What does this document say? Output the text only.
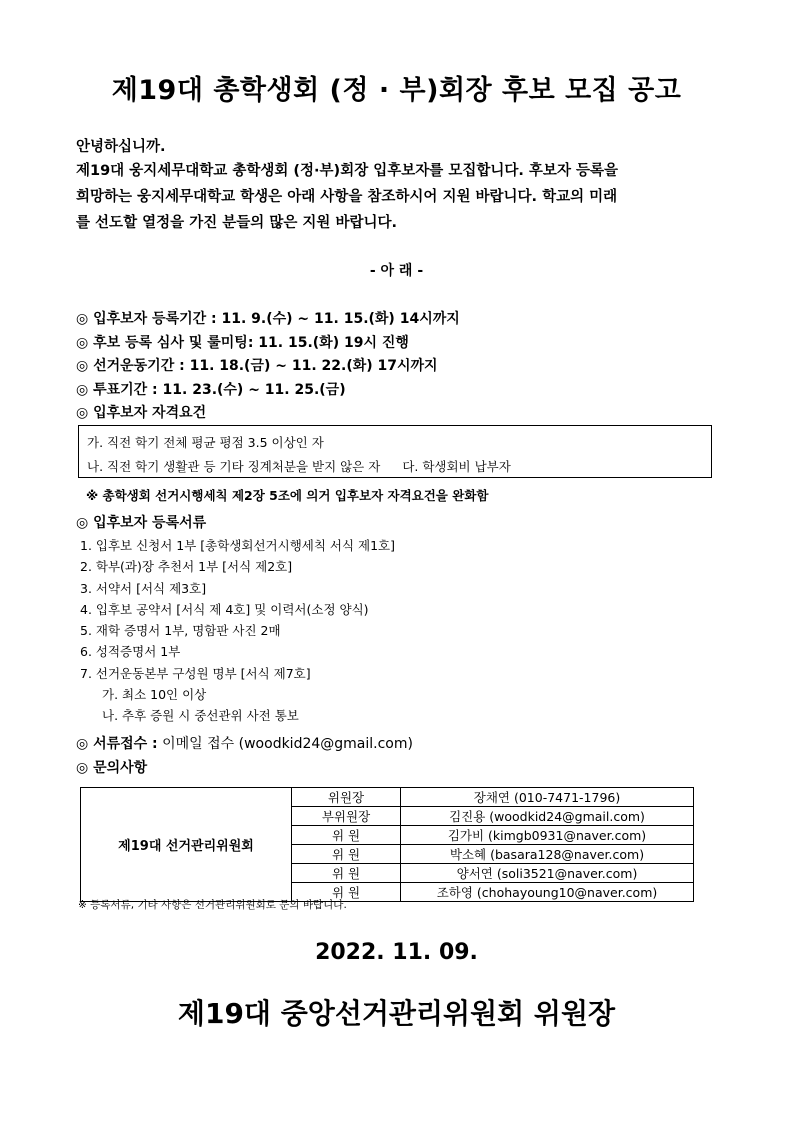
제19대 총학생회 (정 · 부)회장 후보 모집 공고
안녕하십니까.
제19대 웅지세무대학교 총학생회 (정·부)회장 입후보자를 모집합니다. 후보자 등록을
희망하는 웅지세무대학교 학생은 아래 사항을 참조하시어 지원 바랍니다. 학교의 미래
를 선도할 열정을 가진 분들의 많은 지원 바랍니다.
- 아 래 -
◎ 입후보자 등록기간 : 11. 9.(수) ~ 11. 15.(화) 14시까지
◎ 후보 등록 심사 및 룰미팅: 11. 15.(화) 19시 진행
◎ 선거운동기간 : 11. 18.(금) ~ 11. 22.(화) 17시까지
◎ 투표기간 : 11. 23.(수) ~ 11. 25.(금)
◎ 입후보자 자격요건
가. 직전 학기 전체 평균 평점 3.5 이상인 자
나. 직전 학기 생활관 등 기타 징계처분을 받지 않은 자 다. 학생회비 납부자
※ 총학생회 선거시행세칙 제2장 5조에 의거 입후보자 자격요건을 완화함
◎ 입후보자 등록서류
1. 입후보 신청서 1부 [총학생회선거시행세칙 서식 제1호]
2. 학부(과)장 추천서 1부 [서식 제2호]
3. 서약서 [서식 제3호]
4. 입후보 공약서 [서식 제 4호] 및 이력서(소정 양식)
5. 재학 증명서 1부, 명함판 사진 2매
6. 성적증명서 1부
7. 선거운동본부 구성원 명부 [서식 제7호]
가. 최소 10인 이상
나. 추후 증원 시 중선관위 사전 통보
◎ 서류접수 : 이메일 접수 (woodkid24@gmail.com)
◎ 문의사항
제19대 선거관리위원회	위원장	장채연 (010-7471-1796)
	부위원장	김진용 (woodkid24@gmail.com)
	위 원	김가비 (kimgb0931@naver.com)
	위 원	박소혜 (basara128@naver.com)
	위 원	양서연 (soli3521@naver.com)
	위 원	조하영 (chohayoung10@naver.com)
※ 등록서류, 기타 사항은 선거관리위원회로 문의 바랍니다.
2022. 11. 09.
제19대 중앙선거관리위원회 위원장
